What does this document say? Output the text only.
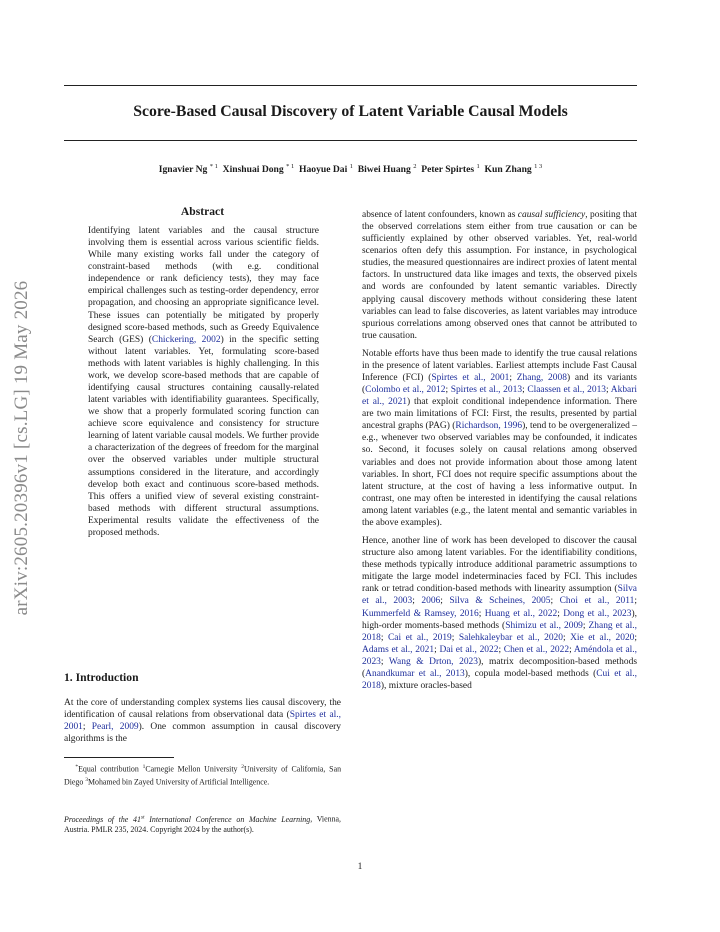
Score-Based Causal Discovery of Latent Variable Causal Models
Ignavier Ng $^{* 1}$ Xinshuai Dong $^{* 1}$ Haoyue Dai $^1$ Biwei Huang $^2$ Peter Spirtes $^1$ Kun Zhang $^{1 3}$
arXiv:2605.20396v1 [cs.LG] 19 May 2026
Abstract
Identifying latent variables and the causal structure involving them is essential across various scientific fields. While many existing works fall under the category of constraint-based methods (with e.g. conditional independence or rank deficiency tests), they may face empirical challenges such as testing-order dependency, error propagation, and choosing an appropriate significance level. These issues can potentially be mitigated by properly designed score-based methods, such as Greedy Equivalence Search (GES) (Chickering, 2002) in the specific setting without latent variables. Yet, formulating score-based methods with latent variables is highly challenging. In this work, we develop score-based methods that are capable of identifying causal structures containing causally-related latent variables with identifiability guarantees. Specifically, we show that a properly formulated scoring function can achieve score equivalence and consistency for structure learning of latent variable causal models. We further provide a characterization of the degrees of freedom for the marginal over the observed variables under multiple structural assumptions considered in the literature, and accordingly develop both exact and continuous score-based methods. This offers a unified view of several existing constraint-based methods with different structural assumptions. Experimental results validate the effectiveness of the proposed methods.
1. Introduction
At the core of understanding complex systems lies causal discovery, the identification of causal relations from observational data (Spirtes et al., 2001; Pearl, 2009). One common assumption in causal discovery algorithms is the
*Equal contribution $^1$Carnegie Mellon University $^2$University of California, San Diego $^3$Mohamed bin Zayed University of Artificial Intelligence.
Proceedings of the 41st International Conference on Machine Learning, Vienna, Austria. PMLR 235, 2024. Copyright 2024 by the author(s).

absence of latent confounders, known as causal sufficiency, positing that the observed correlations stem either from true causation or can be sufficiently explained by other observed variables. Yet, real-world scenarios often defy this assumption. For instance, in psychological studies, the measured questionnaires are indirect proxies of latent mental factors. In unstructured data like images and texts, the observed pixels and words are confounded by latent semantic variables. Directly applying causal discovery methods without considering these latent variables can lead to false discoveries, as latent variables may introduce spurious correlations among observed ones that cannot be attributed to true causation.

Notable efforts have thus been made to identify the true causal relations in the presence of latent variables. Earliest attempts include Fast Causal Inference (FCI) (Spirtes et al., 2001; Zhang, 2008) and its variants (Colombo et al., 2012; Spirtes et al., 2013; Claassen et al., 2013; Akbari et al., 2021) that exploit conditional independence information. There are two main limitations of FCI: First, the results, presented by partial ancestral graphs (PAG) (Richardson, 1996), tend to be overgeneralized – e.g., whenever two observed variables may be confounded, it indicates so. Second, it focuses solely on causal relations among observed variables and does not provide information about those among latent variables. In short, FCI does not require specific assumptions about the latent structure, at the cost of having a less informative output. In contrast, one may often be interested in identifying the causal relations among latent variables (e.g., the latent mental and semantic variables in the above examples).

Hence, another line of work has been developed to discover the causal structure also among latent variables. For the identifiability conditions, these methods typically introduce additional parametric assumptions to mitigate the large model indeterminacies faced by FCI. This includes rank or tetrad condition-based methods with linearity assumption (Silva et al., 2003; 2006; Silva & Scheines, 2005; Choi et al., 2011; Kummerfeld & Ramsey, 2016; Huang et al., 2022; Dong et al., 2023), high-order moments-based methods (Shimizu et al., 2009; Zhang et al., 2018; Cai et al., 2019; Salehkaleybar et al., 2020; Xie et al., 2020; Adams et al., 2021; Dai et al., 2022; Chen et al., 2022; Améndola et al., 2023; Wang & Drton, 2023), matrix decomposition-based methods (Anandkumar et al., 2013), copula model-based methods (Cui et al., 2018), mixture oracles-based

1
